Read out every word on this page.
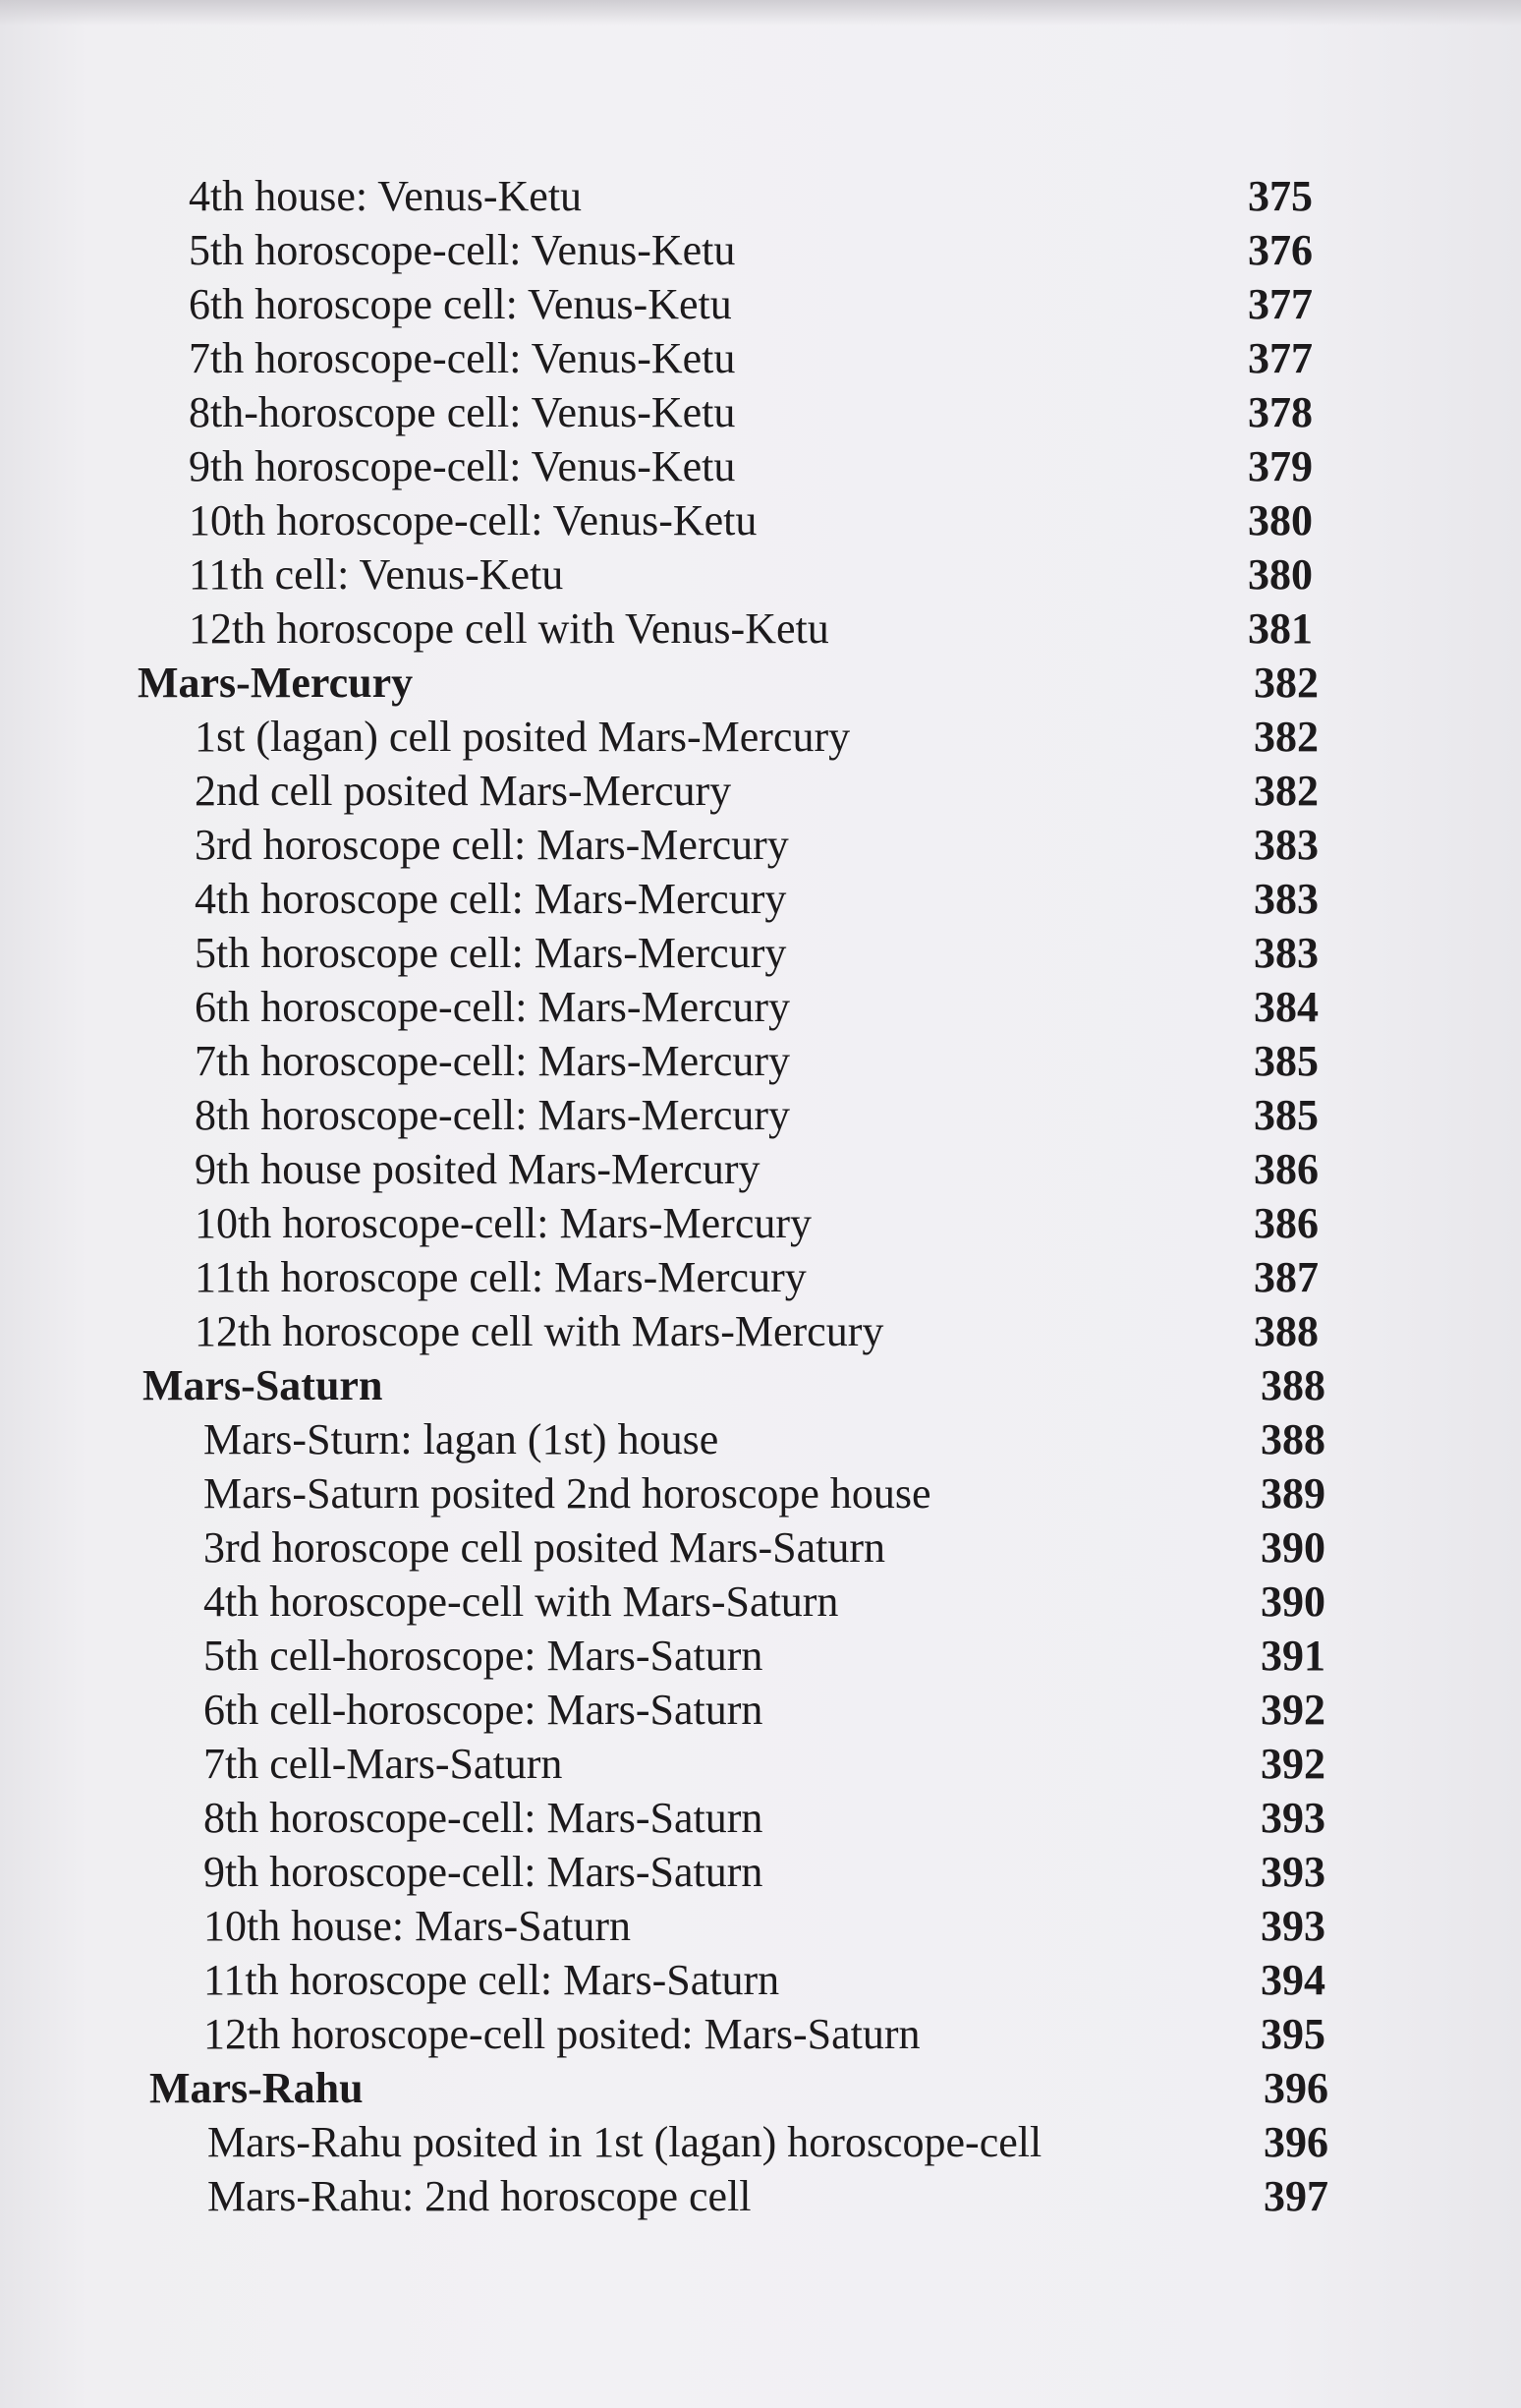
4th house: Venus-Ketu	375
5th horoscope-cell: Venus-Ketu	376
6th horoscope cell: Venus-Ketu	377
7th horoscope-cell: Venus-Ketu	377
8th-horoscope cell: Venus-Ketu	378
9th horoscope-cell: Venus-Ketu	379
10th horoscope-cell: Venus-Ketu	380
11th cell: Venus-Ketu	380
12th horoscope cell with Venus-Ketu	381
Mars-Mercury	382
1st (lagan) cell posited Mars-Mercury	382
2nd cell posited Mars-Mercury	382
3rd horoscope cell: Mars-Mercury	383
4th horoscope cell: Mars-Mercury	383
5th horoscope cell: Mars-Mercury	383
6th horoscope-cell: Mars-Mercury	384
7th horoscope-cell: Mars-Mercury	385
8th horoscope-cell: Mars-Mercury	385
9th house posited Mars-Mercury	386
10th horoscope-cell: Mars-Mercury	386
11th horoscope cell: Mars-Mercury	387
12th horoscope cell with Mars-Mercury	388
Mars-Saturn	388
Mars-Sturn: lagan (1st) house	388
Mars-Saturn posited 2nd horoscope house	389
3rd horoscope cell posited Mars-Saturn	390
4th horoscope-cell with Mars-Saturn	390
5th cell-horoscope: Mars-Saturn	391
6th cell-horoscope: Mars-Saturn	392
7th cell-Mars-Saturn	392
8th horoscope-cell: Mars-Saturn	393
9th horoscope-cell: Mars-Saturn	393
10th house: Mars-Saturn	393
11th horoscope cell: Mars-Saturn	394
12th horoscope-cell posited: Mars-Saturn	395
Mars-Rahu	396
Mars-Rahu posited in 1st (lagan) horoscope-cell	396
Mars-Rahu: 2nd horoscope cell	397
